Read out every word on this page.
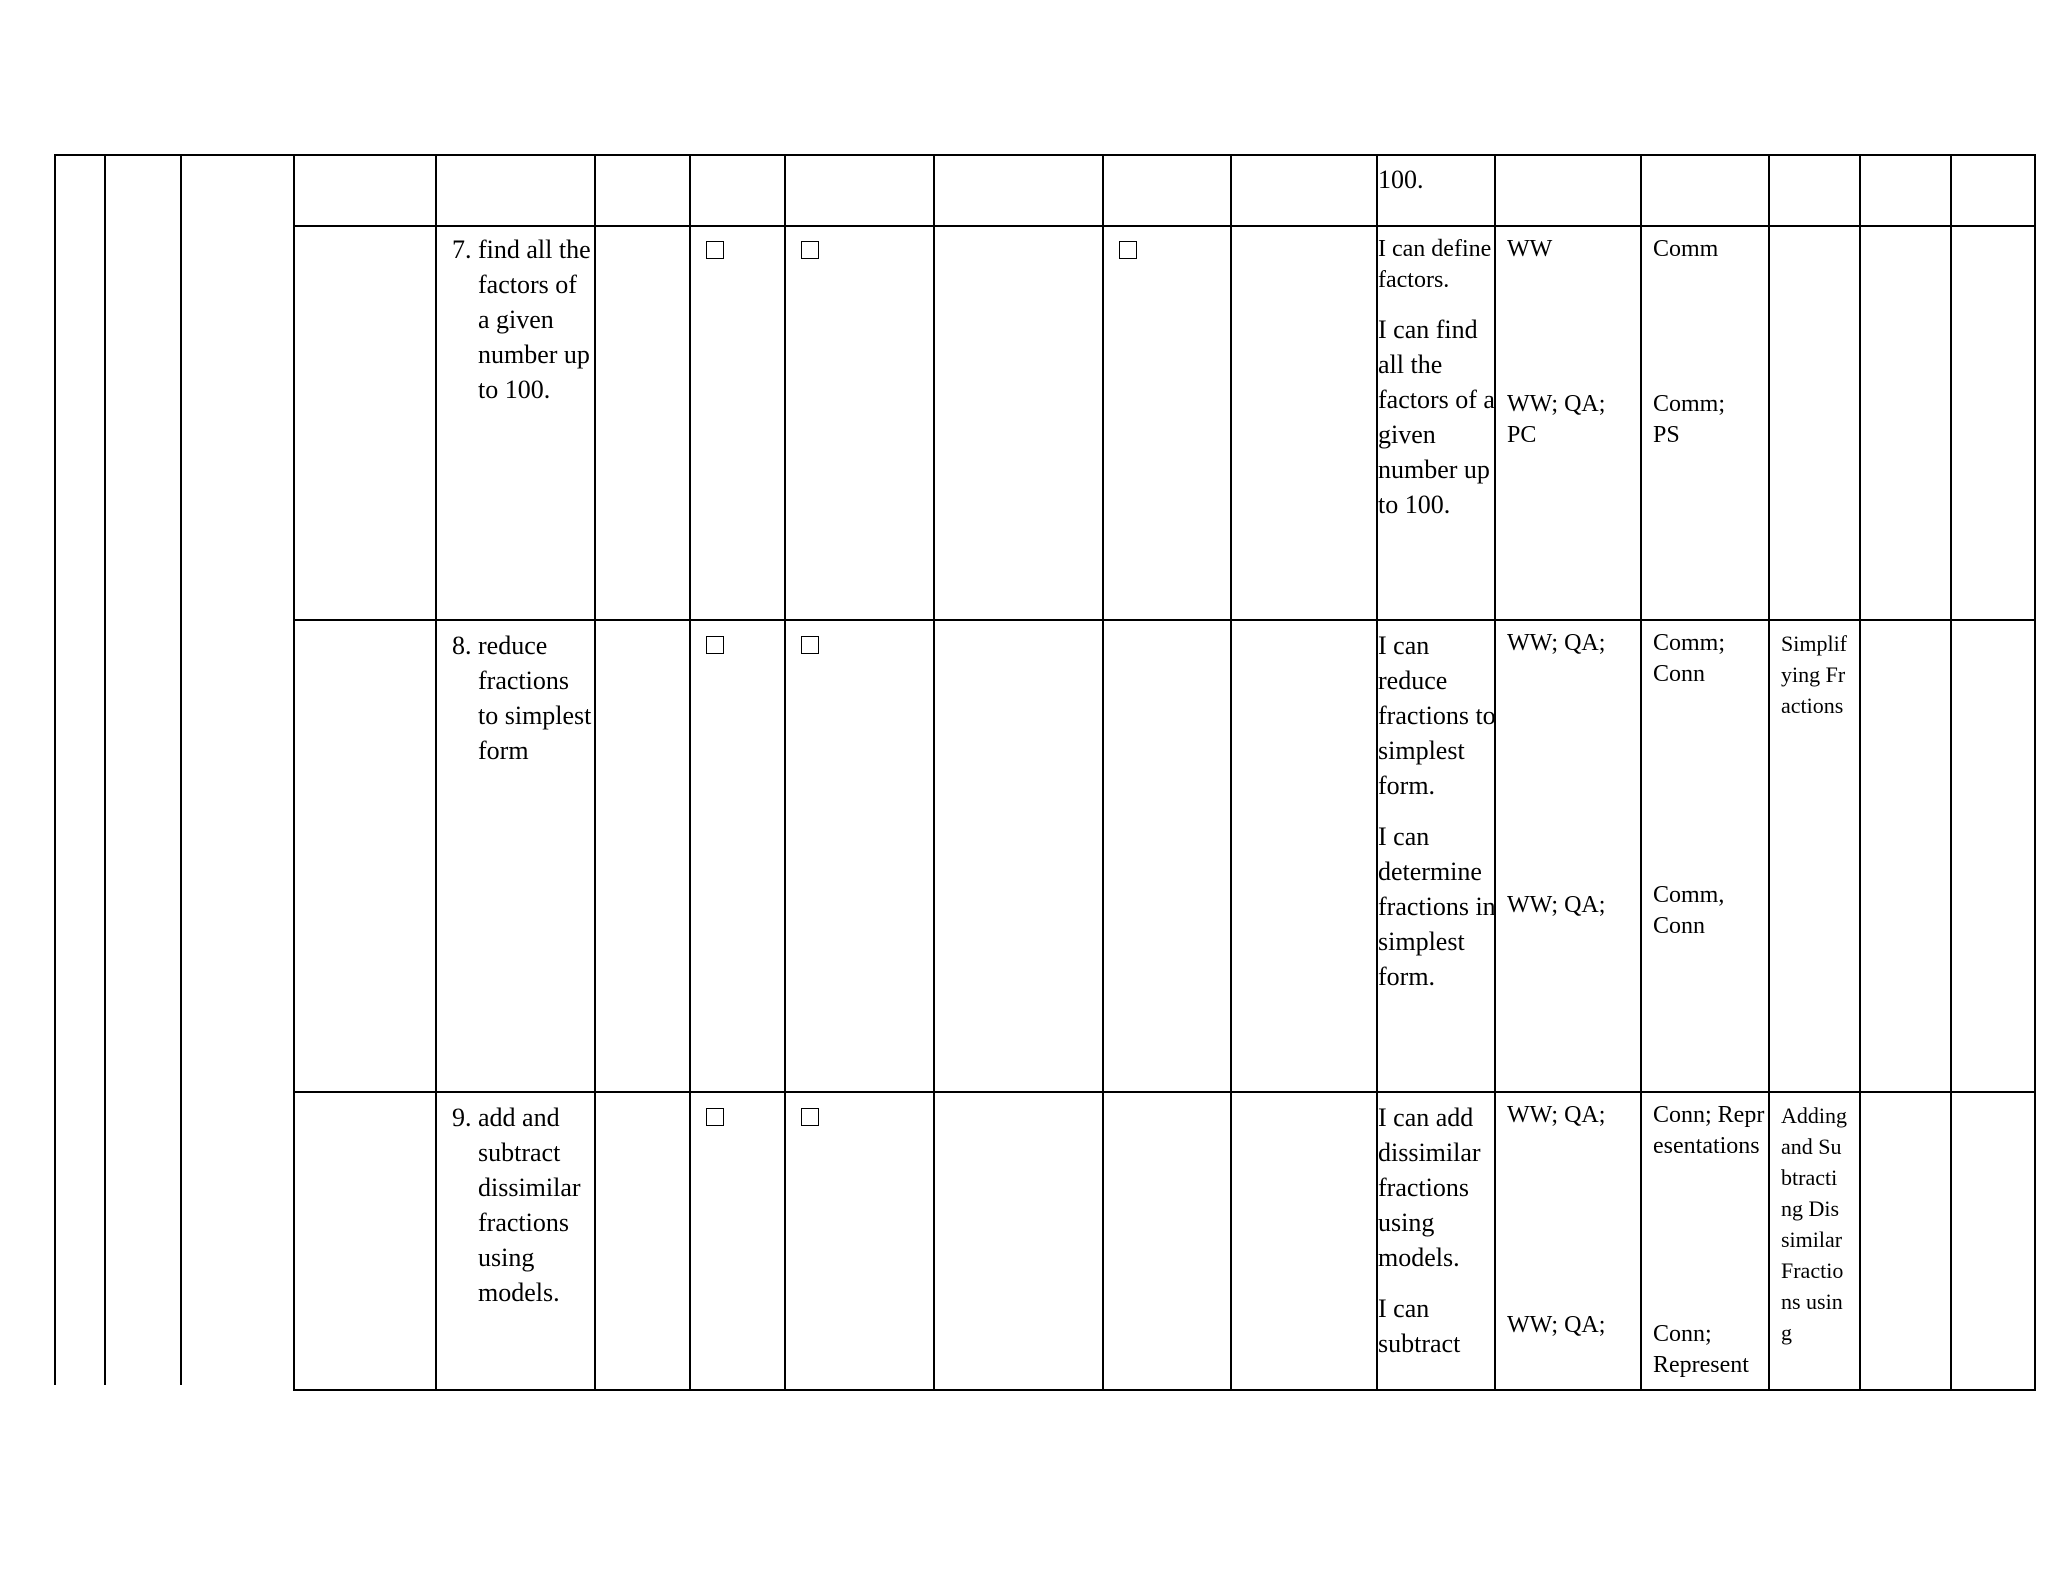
100.
7. find all the factors of a given number up to 100.

I can define factors.

I can find all the factors of a given number up to 100.

WW
WW; QA; PC
Comm
Comm; PS
8. reduce fractions to simplest form

I can reduce fractions to simplest form.

I can determine fractions in simplest form.

WW; QA;
WW; QA;
Comm; Conn
Comm, Conn
Simplifying Fractions
9. add and subtract dissimilar fractions using models.

I can add dissimilar fractions using models.

I can subtract

WW; QA;
WW; QA;
Conn; Representations
Conn; Represent
Adding and Subtracting Dissimilar Fractions using
